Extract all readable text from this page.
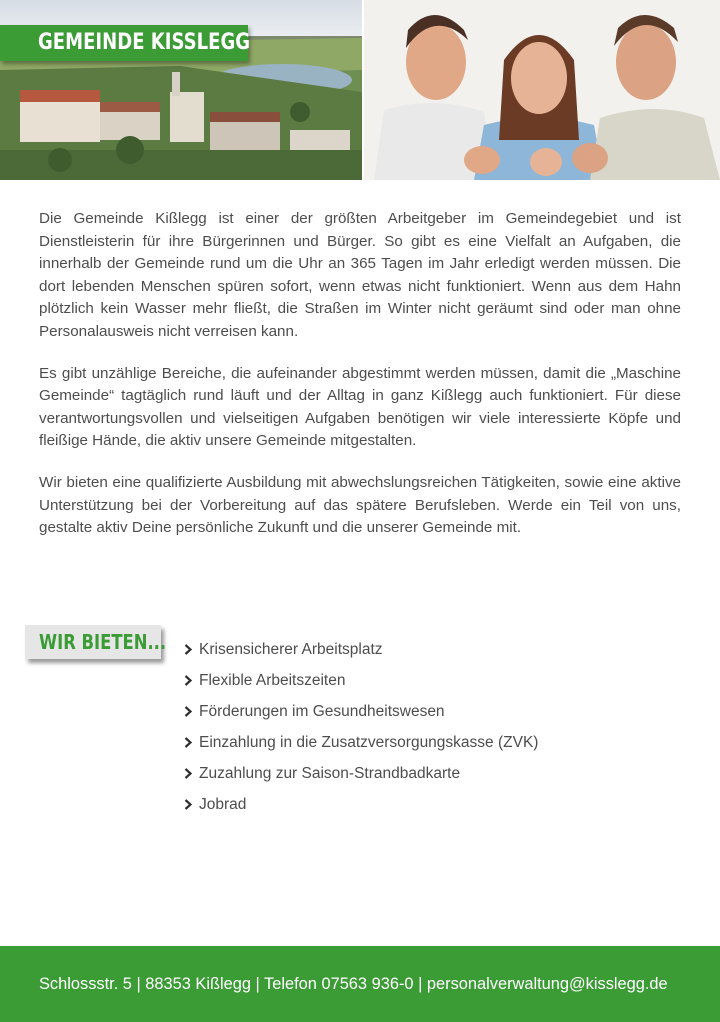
GEMEINDE KISSLEGG

Die Gemeinde Kißlegg ist einer der größten Arbeitgeber im Gemeindegebiet und ist Dienstleisterin für ihre Bürgerinnen und Bürger. So gibt es eine Vielfalt an Aufgaben, die innerhalb der Gemeinde rund um die Uhr an 365 Tagen im Jahr erledigt werden müssen. Die dort lebenden Menschen spüren sofort, wenn etwas nicht funktioniert. Wenn aus dem Hahn plötzlich kein Wasser mehr fließt, die Straßen im Winter nicht geräumt sind oder man ohne Personalausweis nicht verreisen kann.

Es gibt unzählige Bereiche, die aufeinander abgestimmt werden müssen, damit die „Maschine Gemeinde“ tagtäglich rund läuft und der Alltag in ganz Kißlegg auch funktioniert. Für diese verantwortungsvollen und vielseitigen Aufgaben benötigen wir viele interessierte Köpfe und fleißige Hände, die aktiv unsere Gemeinde mitgestalten.

Wir bieten eine qualifizierte Ausbildung mit abwechslungsreichen Tätigkeiten, sowie eine aktive Unterstützung bei der Vorbereitung auf das spätere Berufsleben. Werde ein Teil von uns, gestalte aktiv Deine persönliche Zukunft und die unserer Gemeinde mit.

WIR BIETEN... Krisensicherer Arbeitsplatz
Flexible Arbeitszeiten
Förderungen im Gesundheitswesen
Einzahlung in die Zusatzversorgungskasse (ZVK)
Zuzahlung zur Saison-Strandbadkarte
Jobrad
Schlossstr. 5 | 88353 Kißlegg | Telefon 07563 936-0 | personalverwaltung@kisslegg.de
